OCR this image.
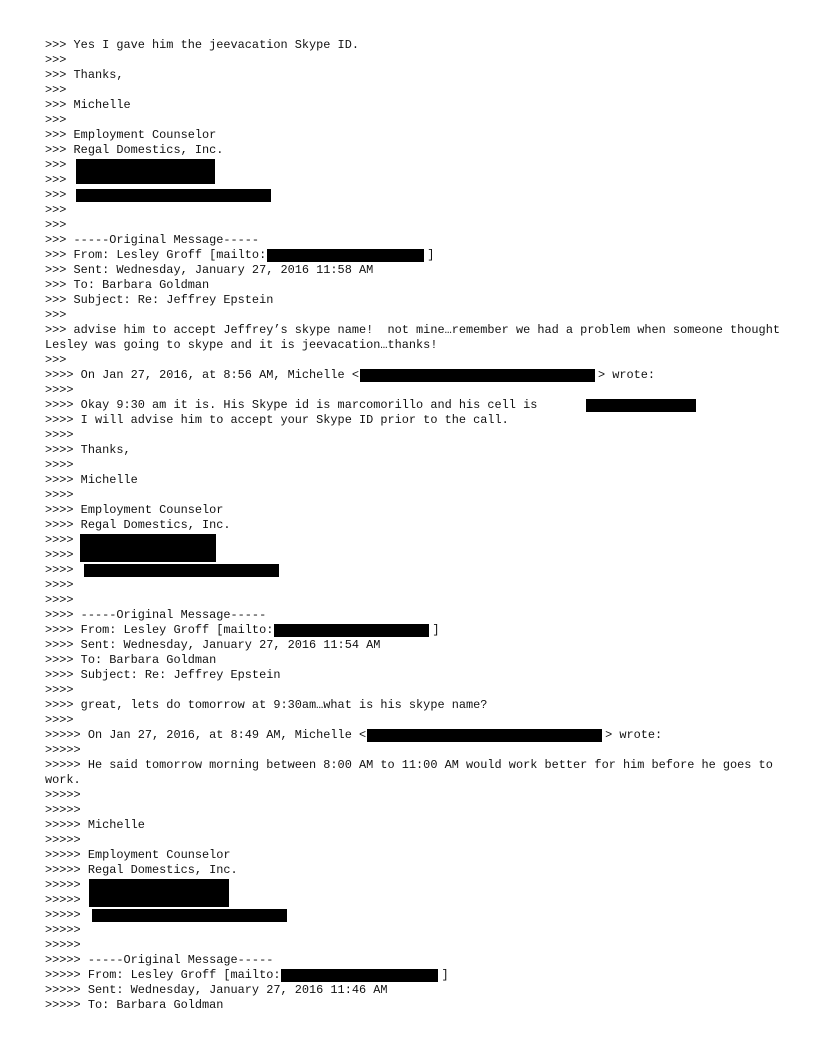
>>> Yes I gave him the jeevacation Skype ID.
>>>
>>> Thanks,
>>>
>>> Michelle
>>>
>>> Employment Counselor
>>> Regal Domestics, Inc.
>>>
>>>
>>>
>>>
>>>
>>> -----Original Message-----
>>> From: Lesley Groff [mailto:	]
>>> Sent: Wednesday, January 27, 2016 11:58 AM
>>> To: Barbara Goldman
>>> Subject: Re: Jeffrey Epstein
>>>
>>> advise him to accept Jeffrey’s skype name!  not mine…remember we had a problem when someone thought Lesley was going to skype and it is jeevacation…thanks!
>>>
>>>> On Jan 27, 2016, at 8:56 AM, Michelle <	> wrote:
>>>>
>>>> Okay 9:30 am it is. His Skype id is marcomorillo and his cell is
>>>> I will advise him to accept your Skype ID prior to the call.
>>>>
>>>> Thanks,
>>>>
>>>> Michelle
>>>>
>>>> Employment Counselor
>>>> Regal Domestics, Inc.
>>>>
>>>>
>>>>
>>>>
>>>>
>>>> -----Original Message-----
>>>> From: Lesley Groff [mailto:	]
>>>> Sent: Wednesday, January 27, 2016 11:54 AM
>>>> To: Barbara Goldman
>>>> Subject: Re: Jeffrey Epstein
>>>>
>>>> great, lets do tomorrow at 9:30am…what is his skype name?
>>>>
>>>>> On Jan 27, 2016, at 8:49 AM, Michelle <	> wrote:
>>>>>
>>>>> He said tomorrow morning between 8:00 AM to 11:00 AM would work better for him before he goes to work.
>>>>>
>>>>>
>>>>> Michelle
>>>>>
>>>>> Employment Counselor
>>>>> Regal Domestics, Inc.
>>>>>
>>>>>
>>>>>
>>>>>
>>>>>
>>>>> -----Original Message-----
>>>>> From: Lesley Groff [mailto:	]
>>>>> Sent: Wednesday, January 27, 2016 11:46 AM
>>>>> To: Barbara Goldman
